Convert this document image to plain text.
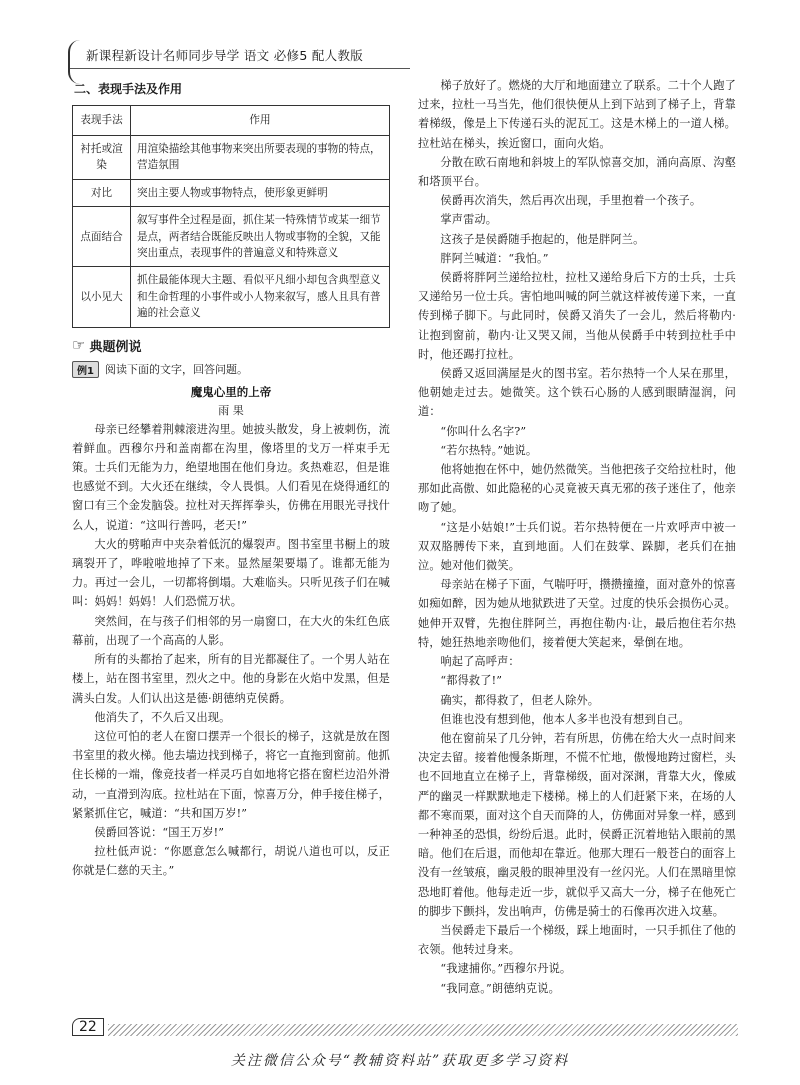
新课程新设计名师同步导学 语文 必修5 配人教版
二、表现手法及作用
表现手法	作用
衬托或渲染	用渲染描绘其他事物来突出所要表现的事物的特点，营造氛围
对比	突出主要人物或事物特点，使形象更鲜明
点面结合	叙写事件全过程是面，抓住某一特殊情节或某一细节是点，两者结合既能反映出人物或事物的全貌，又能突出重点，表现事件的普遍意义和特殊意义
以小见大	抓住最能体现大主题、看似平凡细小却包含典型意义和生命哲理的小事件或小人物来叙写，感人且具有普遍的社会意义
☞ 典题例说
例1	阅读下面的文字，回答问题。
魔鬼心里的上帝
雨 果

母亲已经攀着荆棘滚进沟里。她披头散发，身上被刺伤，流着鲜血。西穆尔丹和盖南都在沟里，像塔里的戈万一样束手无策。士兵们无能为力，绝望地围在他们身边。炙热难忍，但是谁也感觉不到。大火还在继续，令人畏惧。人们看见在烧得通红的窗口有三个金发脑袋。拉杜对天挥挥拳头，仿佛在用眼光寻找什么人，说道：“这叫行善吗，老天!”

大火的劈啪声中夹杂着低沉的爆裂声。图书室里书橱上的玻璃裂开了，哗啦啦地掉了下来。显然屋架要塌了。谁都无能为力。再过一会儿，一切都将倒塌。大难临头。只听见孩子们在喊叫：妈妈！妈妈！人们恐慌万状。

突然间，在与孩子们相邻的另一扇窗口，在大火的朱红色底幕前，出现了一个高高的人影。

所有的头都抬了起来，所有的目光都凝住了。一个男人站在楼上，站在图书室里，烈火之中。他的身影在火焰中发黑，但是满头白发。人们认出这是德·朗德纳克侯爵。

他消失了，不久后又出现。

这位可怕的老人在窗口摆弄一个很长的梯子，这就是放在图书室里的救火梯。他去墙边找到梯子，将它一直拖到窗前。他抓住长梯的一端，像竞技者一样灵巧自如地将它搭在窗栏边沿外滑动，一直滑到沟底。拉杜站在下面，惊喜万分，伸手接住梯子，紧紧抓住它，喊道：“共和国万岁!”

侯爵回答说：“国王万岁!”

拉杜低声说：“你愿意怎么喊都行，胡说八道也可以，反正你就是仁慈的天主。”

梯子放好了。燃烧的大厅和地面建立了联系。二十个人跑了过来，拉杜一马当先，他们很快便从上到下站到了梯子上，背靠着梯级，像是上下传递石头的泥瓦工。这是木梯上的一道人梯。拉杜站在梯头，挨近窗口，面向火焰。

分散在欧石南地和斜坡上的军队惊喜交加，涌向高原、沟壑和塔顶平台。

侯爵再次消失，然后再次出现，手里抱着一个孩子。

掌声雷动。

这孩子是侯爵随手抱起的，他是胖阿兰。

胖阿兰喊道：“我怕。”

侯爵将胖阿兰递给拉杜，拉杜又递给身后下方的士兵，士兵又递给另一位士兵。害怕地叫喊的阿兰就这样被传递下来，一直传到梯子脚下。与此同时，侯爵又消失了一会儿，然后将勒内·让抱到窗前，勒内·让又哭又闹，当他从侯爵手中转到拉杜手中时，他还踢打拉杜。

侯爵又返回满屋是火的图书室。若尔热特一个人呆在那里，他朝她走过去。她微笑。这个铁石心肠的人感到眼睛湿润，问道：

“你叫什么名字?”

“若尔热特。”她说。

他将她抱在怀中，她仍然微笑。当他把孩子交给拉杜时，他那如此高傲、如此隐秘的心灵竟被天真无邪的孩子迷住了，他亲吻了她。

“这是小姑娘!”士兵们说。若尔热特便在一片欢呼声中被一双双胳膊传下来，直到地面。人们在鼓掌、跺脚，老兵们在抽泣。她对他们微笑。

母亲站在梯子下面，气喘吁吁，攒攒撞撞，面对意外的惊喜如痴如醉，因为她从地狱跌进了天堂。过度的快乐会损伤心灵。她伸开双臂，先抱住胖阿兰，再抱住勒内·让，最后抱住若尔热特，她狂热地亲吻他们，接着便大笑起来，晕倒在地。

响起了高呼声：

“都得救了!”

确实，都得救了，但老人除外。

但谁也没有想到他，他本人多半也没有想到自己。

他在窗前呆了几分钟，若有所思，仿佛在给大火一点时间来决定去留。接着他慢条斯理，不慌不忙地，傲慢地跨过窗栏，头也不回地直立在梯子上，背靠梯级，面对深渊，背靠大火，像威严的幽灵一样默默地走下楼梯。梯上的人们赶紧下来，在场的人都不寒而栗，面对这个自天而降的人，仿佛面对异象一样，感到一种神圣的恐惧，纷纷后退。此时，侯爵正沉着地钻入眼前的黑暗。他们在后退，而他却在靠近。他那大理石一般苍白的面容上没有一丝皱痕，幽灵般的眼神里没有一丝闪光。人们在黑暗里惊恐地盯着他。他每走近一步，就似乎又高大一分，梯子在他死亡的脚步下颤抖，发出响声，仿佛是骑士的石像再次进入坟墓。

当侯爵走下最后一个梯级，踩上地面时，一只手抓住了他的衣领。他转过身来。

“我逮捕你。”西穆尔丹说。

“我同意。”朗德纳克说。

22
关注微信公众号“教辅资料站”获取更多学习资料
